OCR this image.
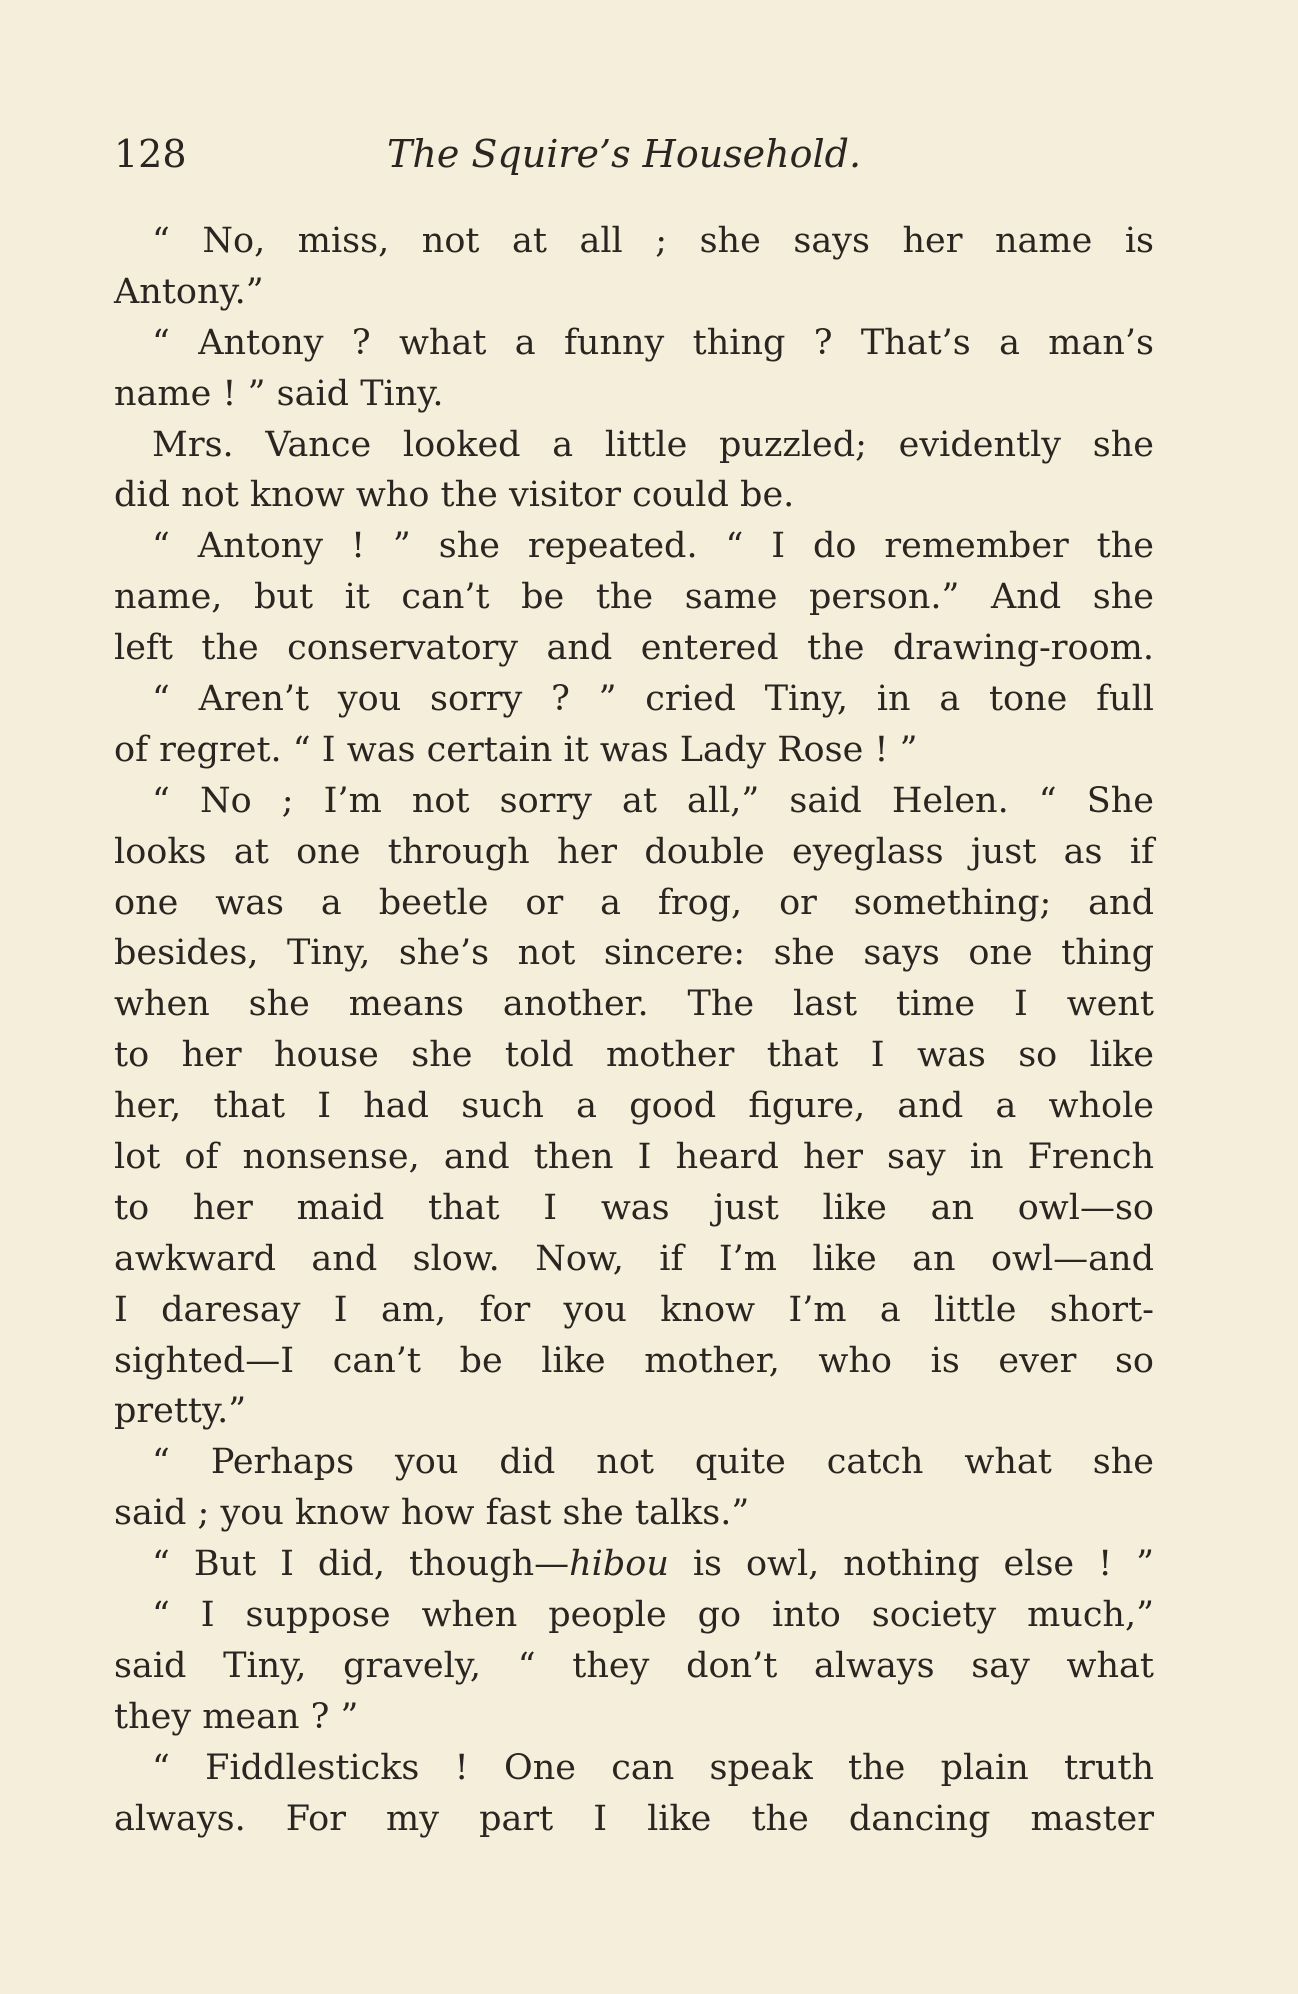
128	The Squire’s Household.
“ No, miss, not at all ; she says her name is
Antony.”
“ Antony ? what a funny thing ? That’s a man’s
name ! ” said Tiny.
Mrs. Vance looked a little puzzled; evidently she
did not know who the visitor could be.
“ Antony ! ” she repeated. “ I do remember the
name, but it can’t be the same person.” And she
left the conservatory and entered the drawing-room.
“ Aren’t you sorry ? ” cried Tiny, in a tone full
of regret. “ I was certain it was Lady Rose ! ”
“ No ; I’m not sorry at all,” said Helen. “ She
looks at one through her double eyeglass just as if
one was a beetle or a frog, or something; and
besides, Tiny, she’s not sincere: she says one thing
when she means another. The last time I went
to her house she told mother that I was so like
her, that I had such a good figure, and a whole
lot of nonsense, and then I heard her say in French
to her maid that I was just like an owl—so
awkward and slow. Now, if I’m like an owl—and
I daresay I am, for you know I’m a little short-
sighted—I can’t be like mother, who is ever so
pretty.”
“ Perhaps you did not quite catch what she
said ; you know how fast she talks.”
“ But I did, though—hibou is owl, nothing else ! ”
“ I suppose when people go into society much,”
said Tiny, gravely, “ they don’t always say what
they mean ? ”
“ Fiddlesticks ! One can speak the plain truth
always. For my part I like the dancing master
